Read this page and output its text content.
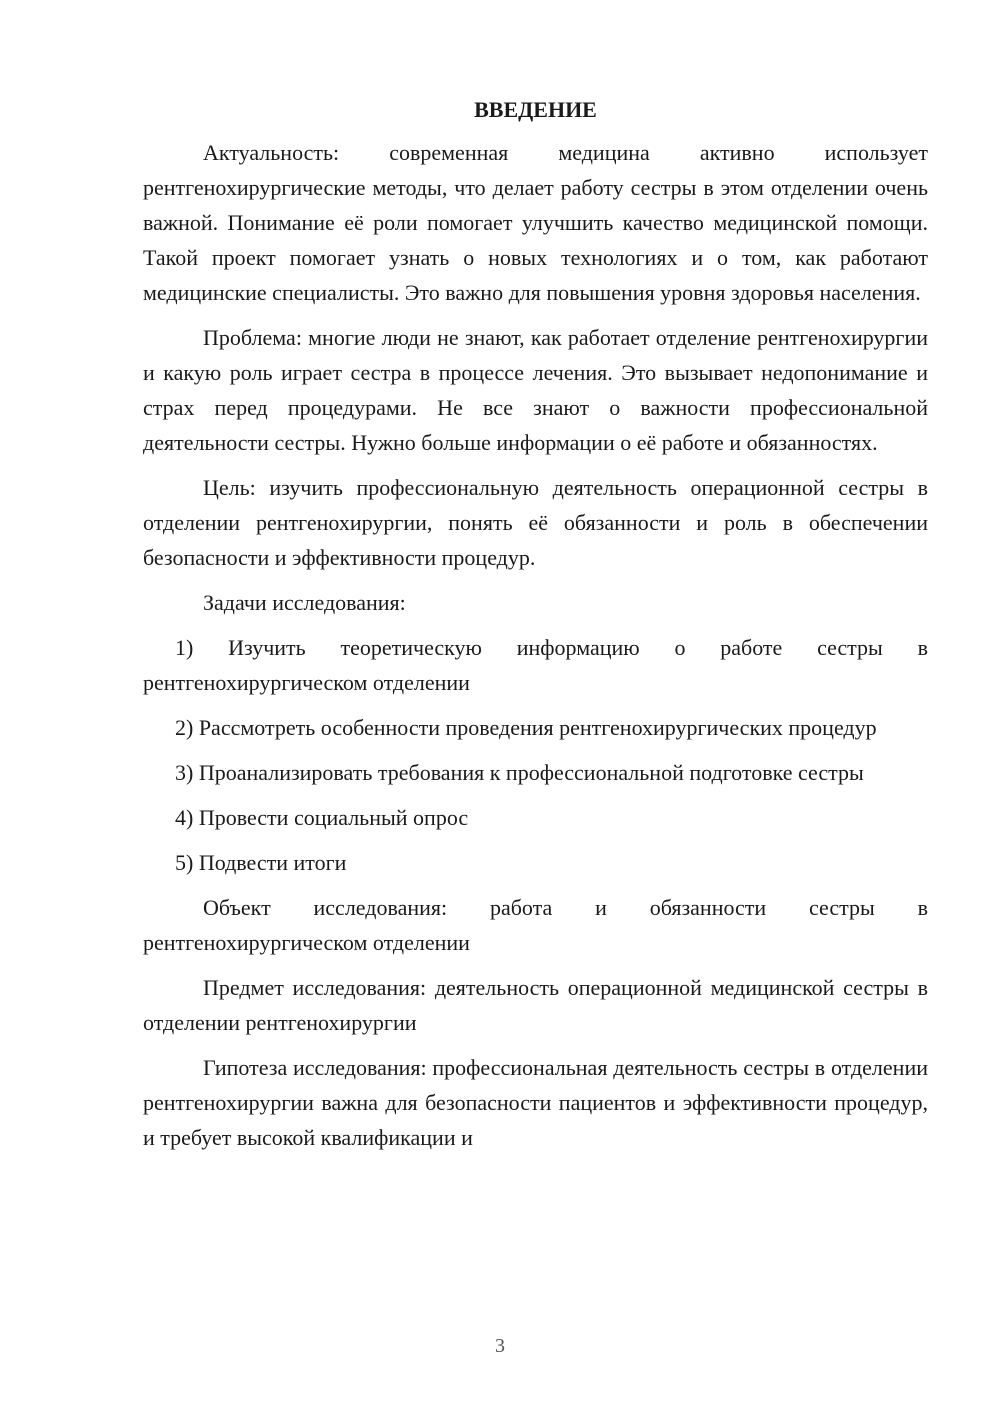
ВВЕДЕНИЕ

Актуальность: современная медицина активно использует рентгенохирургические методы, что делает работу сестры в этом отделении очень важной. Понимание её роли помогает улучшить качество медицинской помощи. Такой проект помогает узнать о новых технологиях и о том, как работают медицинские специалисты. Это важно для повышения уровня здоровья населения.

Проблема: многие люди не знают, как работает отделение рентгенохирургии и какую роль играет сестра в процессе лечения. Это вызывает недопонимание и страх перед процедурами. Не все знают о важности профессиональной деятельности сестры. Нужно больше информации о её работе и обязанностях.

Цель: изучить профессиональную деятельность операционной сестры в отделении рентгенохирургии, понять её обязанности и роль в обеспечении безопасности и эффективности процедур.

Задачи исследования:

1) Изучить теоретическую информацию о работе сестры в рентгенохирургическом отделении

2) Рассмотреть особенности проведения рентгенохирургических процедур

3) Проанализировать требования к профессиональной подготовке сестры

4) Провести социальный опрос

5) Подвести итоги

Объект исследования: работа и обязанности сестры в рентгенохирургическом отделении

Предмет исследования: деятельность операционной медицинской сестры в отделении рентгенохирургии

Гипотеза исследования: профессиональная деятельность сестры в отделении рентгенохирургии важна для безопасности пациентов и эффективности процедур, и требует высокой квалификации и

3
